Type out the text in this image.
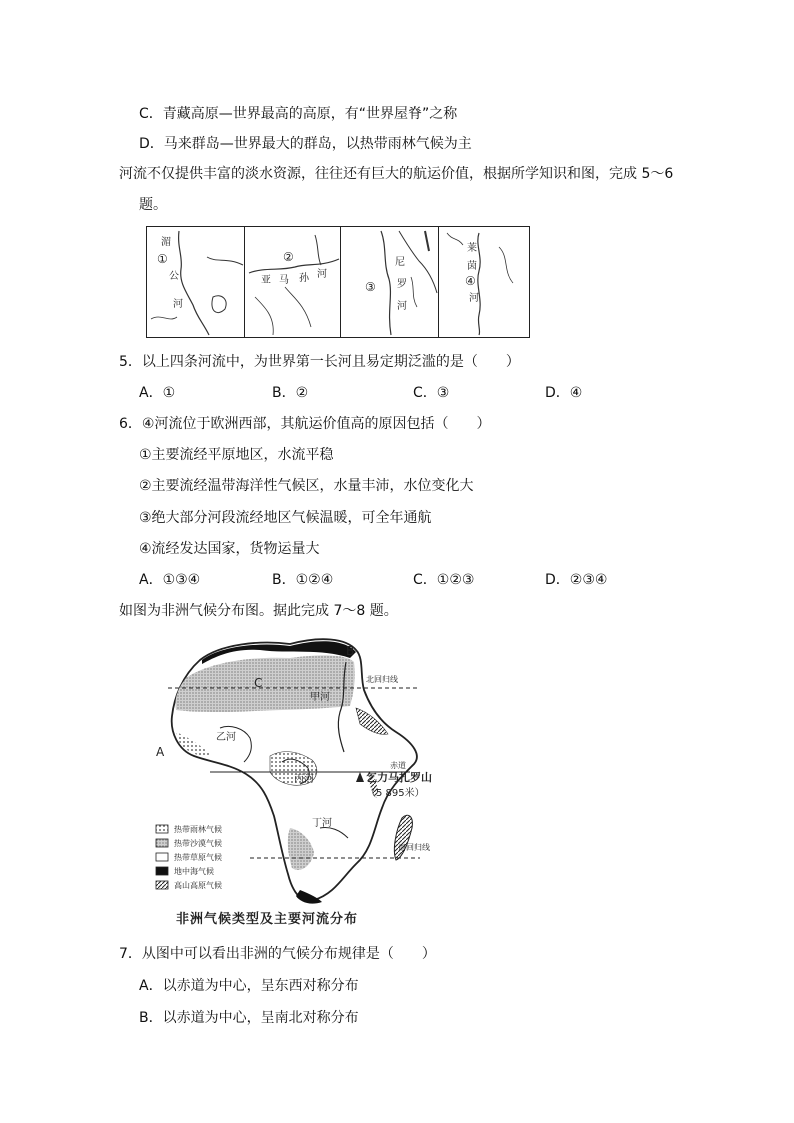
C．青藏高原—世界最高的高原，有“世界屋脊”之称
D．马来群岛—世界最大的群岛，以热带雨林气候为主
河流不仅提供丰富的淡水资源，往往还有巨大的航运价值，根据所学知识和图，完成 5～6
题。
①
湄
公
河
②
亚 马 孙 河
③
尼
罗
河
莱
茵
④
河
5．以上四条河流中，为世界第一长河且易定期泛滥的是（　　）
A．①	B．②	C．③	D．④
6．④河流位于欧洲西部，其航运价值高的原因包括（　　）
①主要流经平原地区，水流平稳
②主要流经温带海洋性气候区，水量丰沛，水位变化大
③绝大部分河段流经地区气候温暖，可全年通航
④流经发达国家，货物运量大
A．①③④	B．①②④	C．①②③	D．②③④
如图为非洲气候分布图。据此完成 7～8 题。
A
B
C
甲河
乙河
丙河
丁河
北回归线
赤道
南回归线
乞力马扎罗山
（5 895米）
热带雨林气候
热带沙漠气候
热带草原气候
地中海气候
高山高原气候
非洲气候类型及主要河流分布
7．从图中可以看出非洲的气候分布规律是（　　）
A．以赤道为中心，呈东西对称分布
B．以赤道为中心，呈南北对称分布
